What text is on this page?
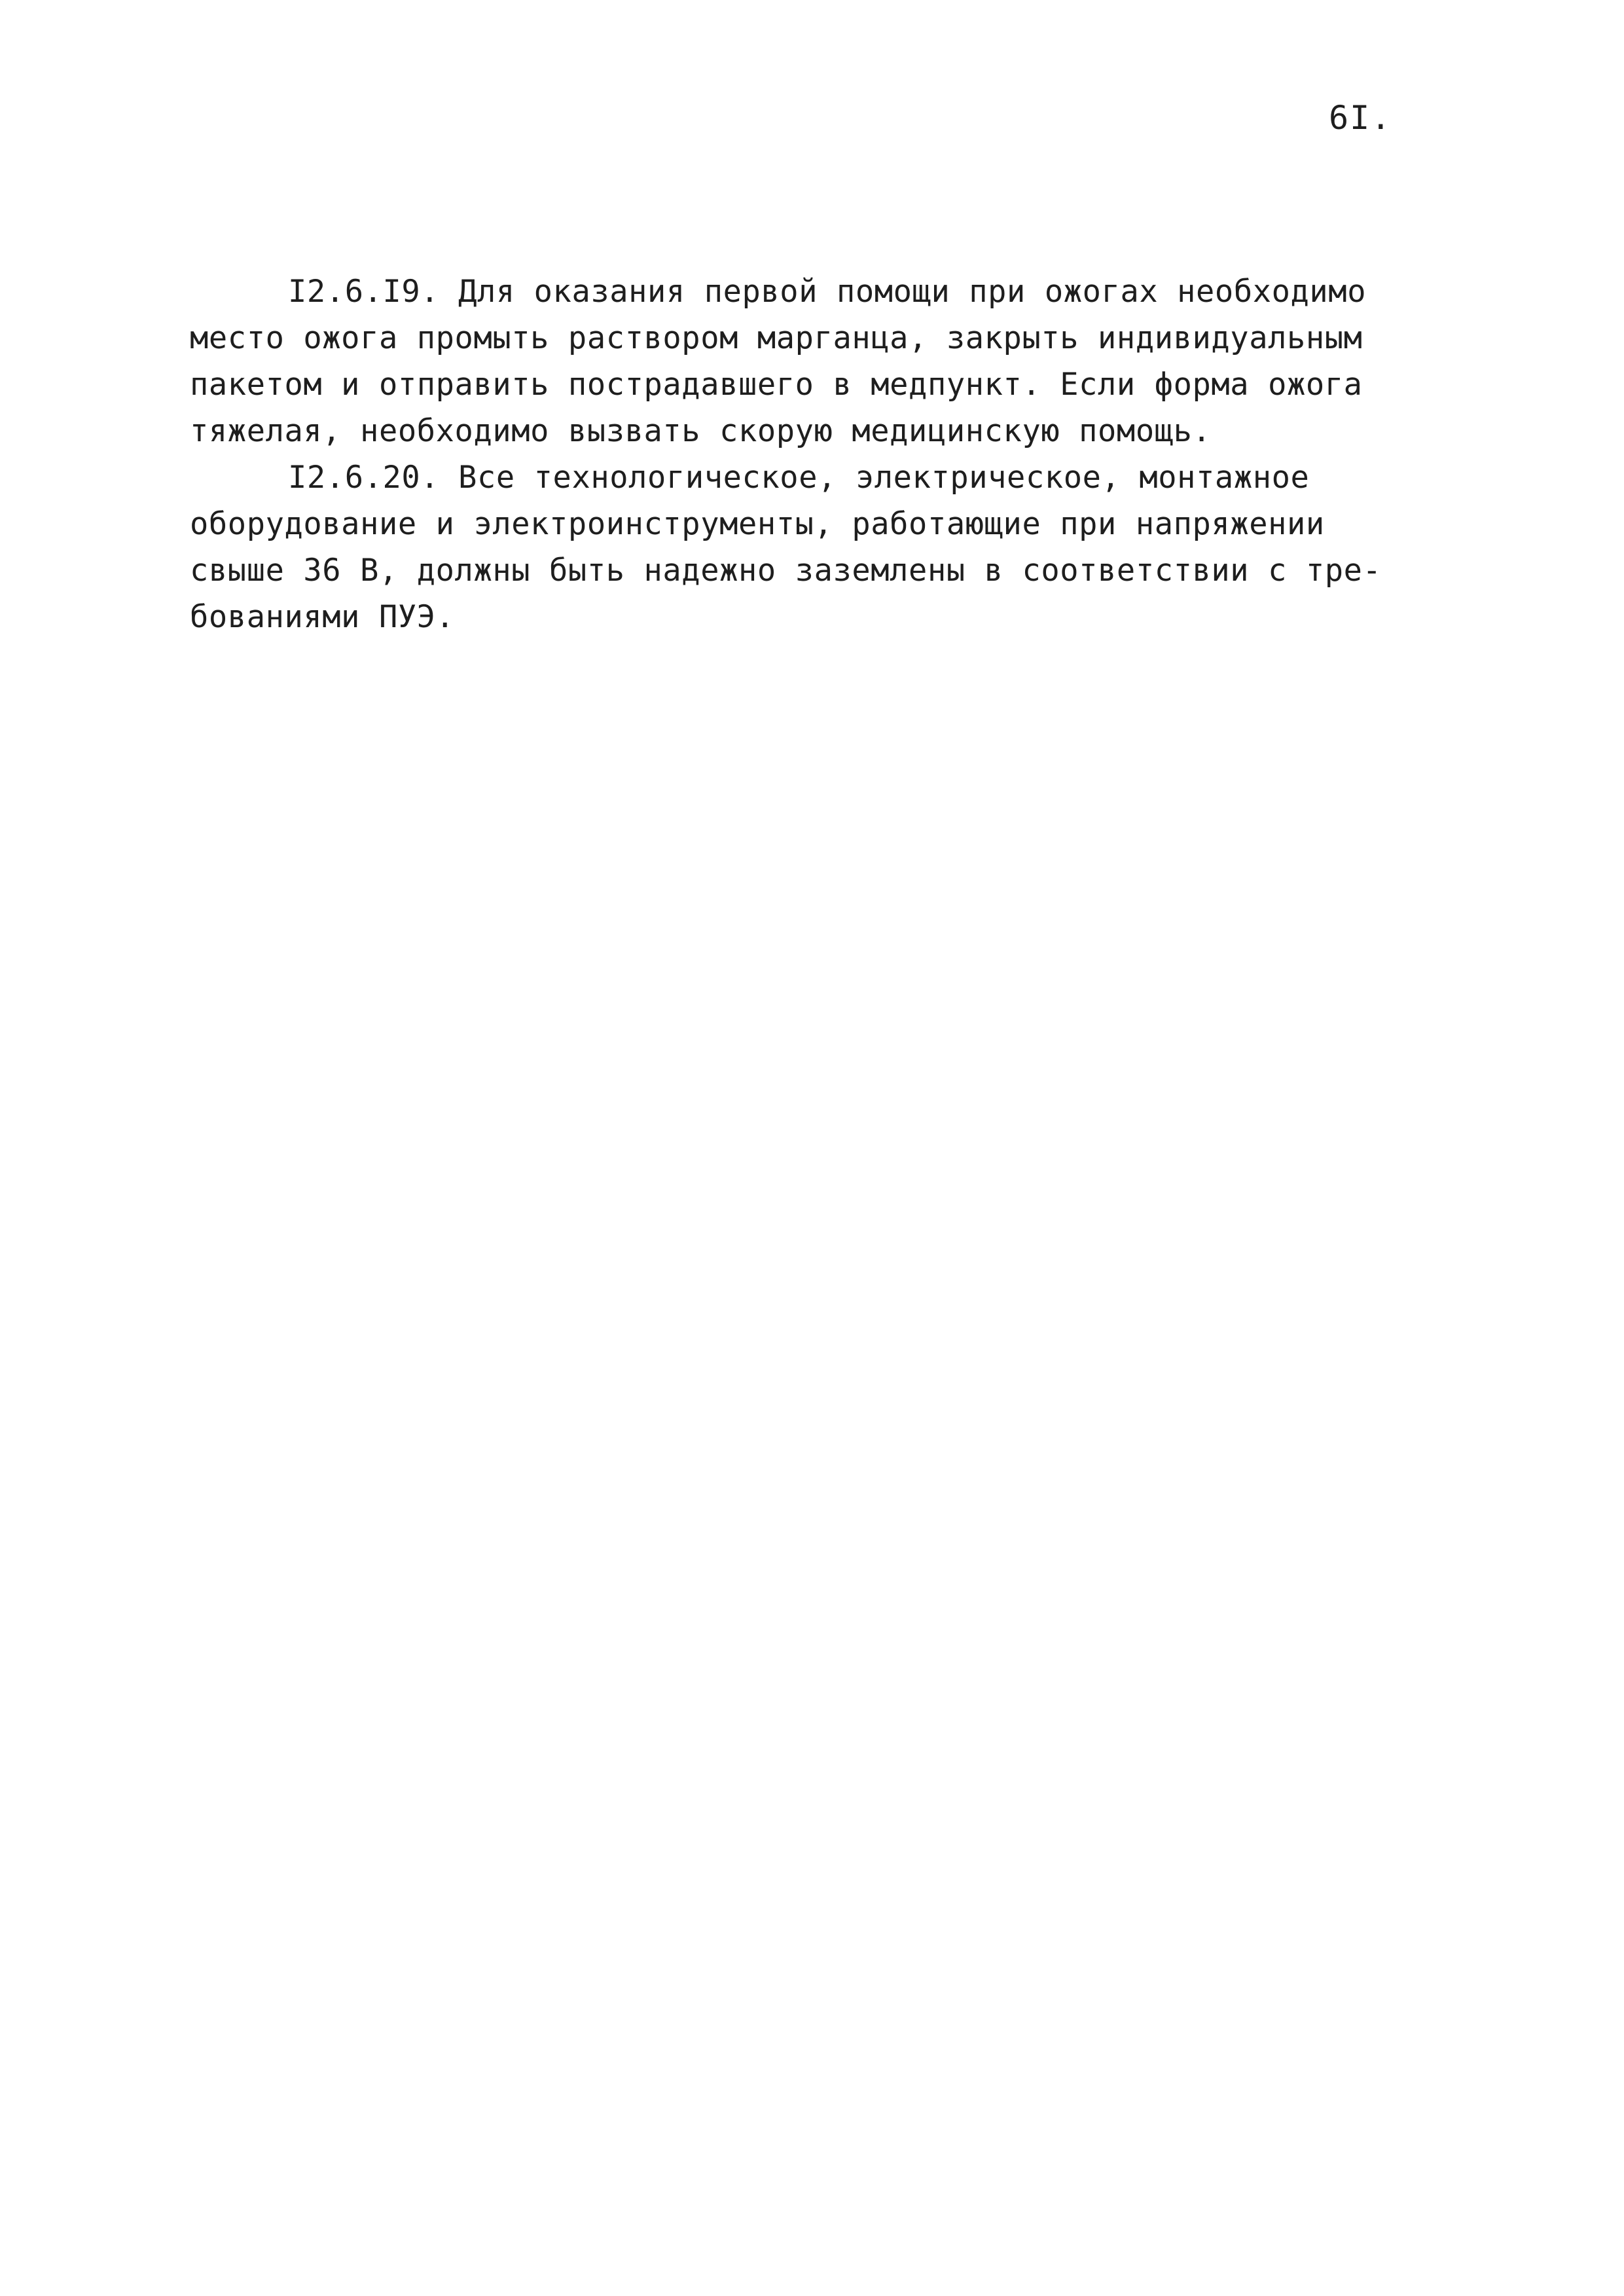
6I.
I2.6.I9. Для оказания первой помощи при ожогах необходимо
место ожога промыть раствором марганца, закрыть индивидуальным
пакетом и отправить пострадавшего в медпункт. Если форма ожога
тяжелая, необходимо вызвать скорую медицинскую помощь.
I2.6.20. Все технологическое, электрическое, монтажное
оборудование и электроинструменты, работающие при напряжении
свыше 36 В, должны быть надежно заземлены в соответствии с тре-
бованиями ПУЭ.
